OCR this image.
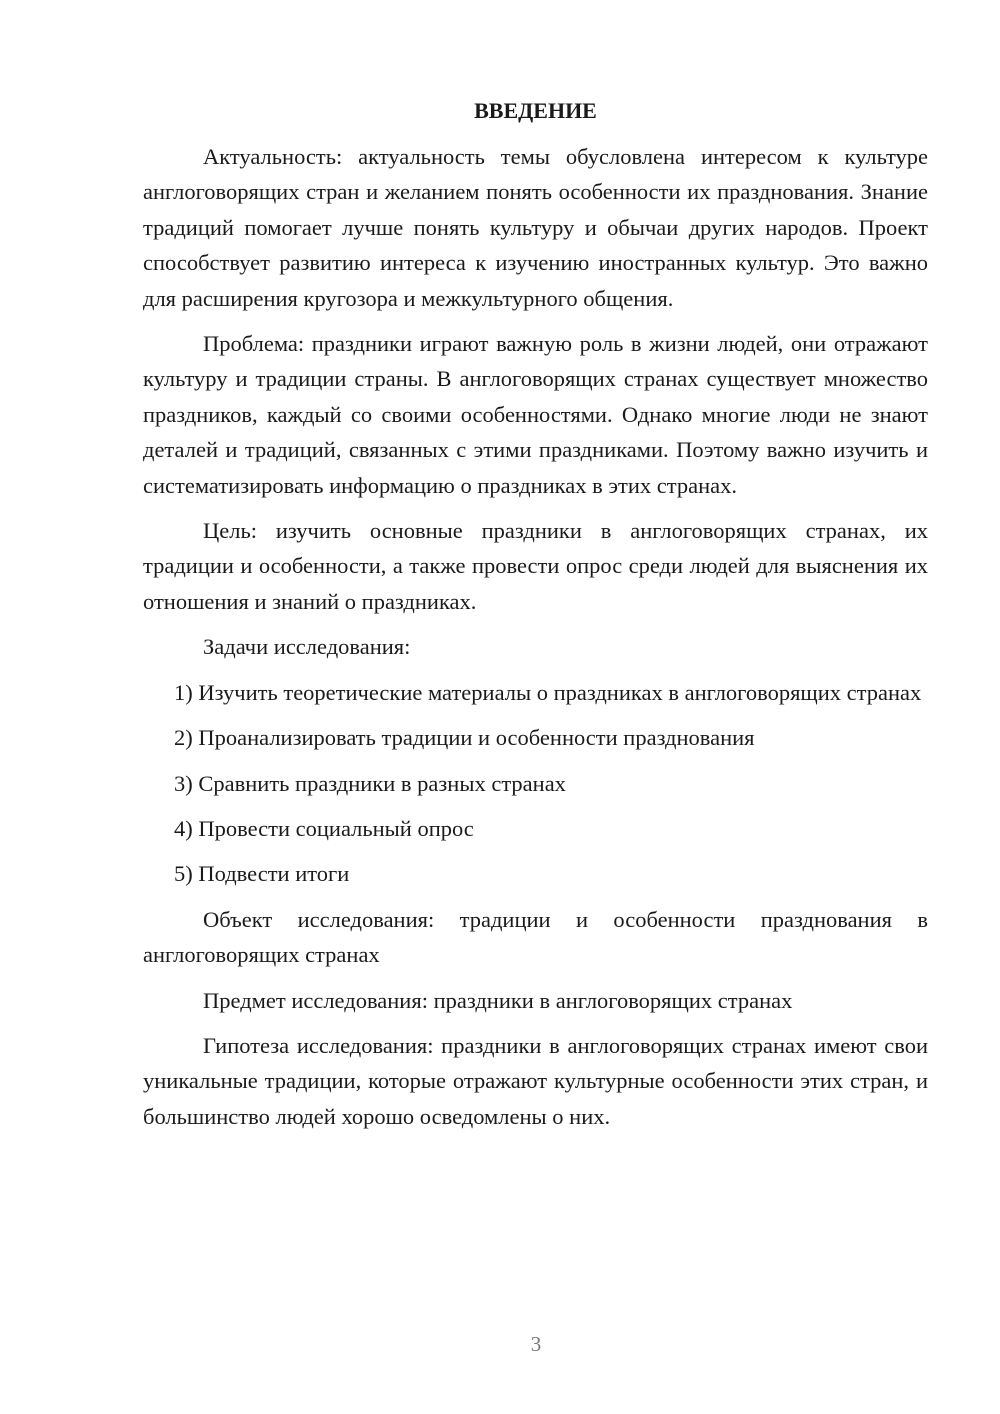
ВВЕДЕНИЕ

Актуальность: актуальность темы обусловлена интересом к культуре англоговорящих стран и желанием понять особенности их празднования. Знание традиций помогает лучше понять культуру и обычаи других народов. Проект способствует развитию интереса к изучению иностранных культур. Это важно для расширения кругозора и межкультурного общения.

Проблема: праздники играют важную роль в жизни людей, они отражают культуру и традиции страны. В англоговорящих странах существует множество праздников, каждый со своими особенностями. Однако многие люди не знают деталей и традиций, связанных с этими праздниками. Поэтому важно изучить и систематизировать информацию о праздниках в этих странах.

Цель: изучить основные праздники в англоговорящих странах, их традиции и особенности, а также провести опрос среди людей для выяснения их отношения и знаний о праздниках.

Задачи исследования:

1) Изучить теоретические материалы о праздниках в англоговорящих странах

2) Проанализировать традиции и особенности празднования

3) Сравнить праздники в разных странах

4) Провести социальный опрос

5) Подвести итоги

Объект исследования: традиции и особенности празднования в англоговорящих странах

Предмет исследования: праздники в англоговорящих странах

Гипотеза исследования: праздники в англоговорящих странах имеют свои уникальные традиции, которые отражают культурные особенности этих стран, и большинство людей хорошо осведомлены о них.

3
